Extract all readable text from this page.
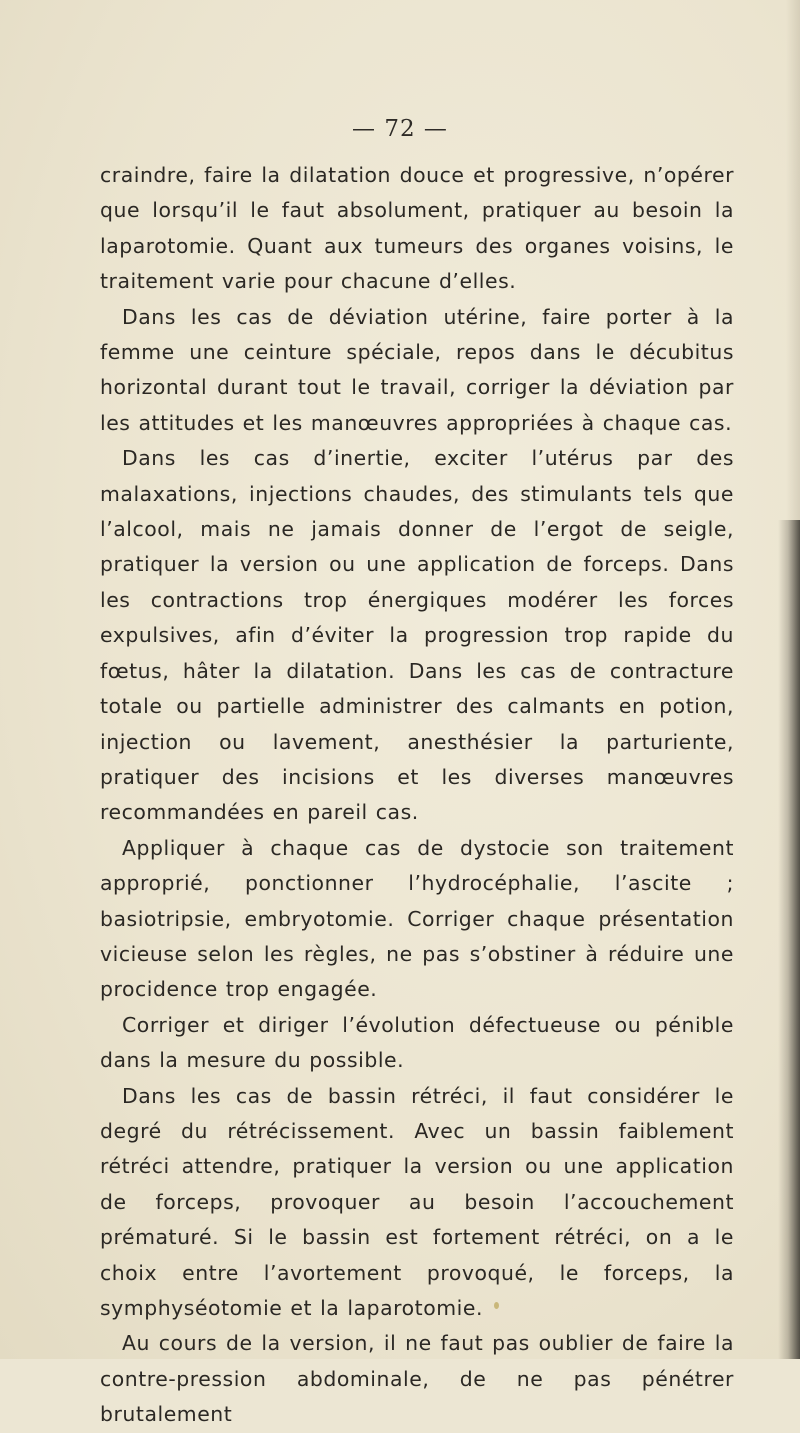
— 72 —

craindre, faire la dilatation douce et progressive, n’opérer que lorsqu’il le faut absolument, pratiquer au besoin la laparotomie. Quant aux tumeurs des organes voisins, le traitement varie pour chacune d’elles.

Dans les cas de déviation utérine, faire porter à la femme une ceinture spéciale, repos dans le décubitus horizontal durant tout le travail, corriger la déviation par les attitudes et les manœuvres appropriées à chaque cas.

Dans les cas d’inertie, exciter l’utérus par des malaxations, injections chaudes, des stimulants tels que l’alcool, mais ne jamais donner de l’ergot de seigle, pratiquer la version ou une application de forceps. Dans les contractions trop énergiques modérer les forces expulsives, afin d’éviter la progression trop rapide du fœtus, hâter la dilatation. Dans les cas de contracture totale ou partielle administrer des calmants en potion, injection ou lavement, anesthésier la parturiente, pratiquer des incisions et les diverses manœuvres recommandées en pareil cas.

Appliquer à chaque cas de dystocie son traitement approprié, ponctionner l’hydrocéphalie, l’ascite ; basiotripsie, embryotomie. Corriger chaque présentation vicieuse selon les règles, ne pas s’obstiner à réduire une procidence trop engagée.

Corriger et diriger l’évolution défectueuse ou pénible dans la mesure du possible.

Dans les cas de bassin rétréci, il faut considérer le degré du rétrécissement. Avec un bassin faiblement rétréci attendre, pratiquer la version ou une application de forceps, provoquer au besoin l’accouchement prématuré. Si le bassin est fortement rétréci, on a le choix entre l’avortement provoqué, le forceps, la symphyséotomie et la laparotomie.

Au cours de la version, il ne faut pas oublier de faire la contre-pression abdominale, de ne pas pénétrer brutalement
